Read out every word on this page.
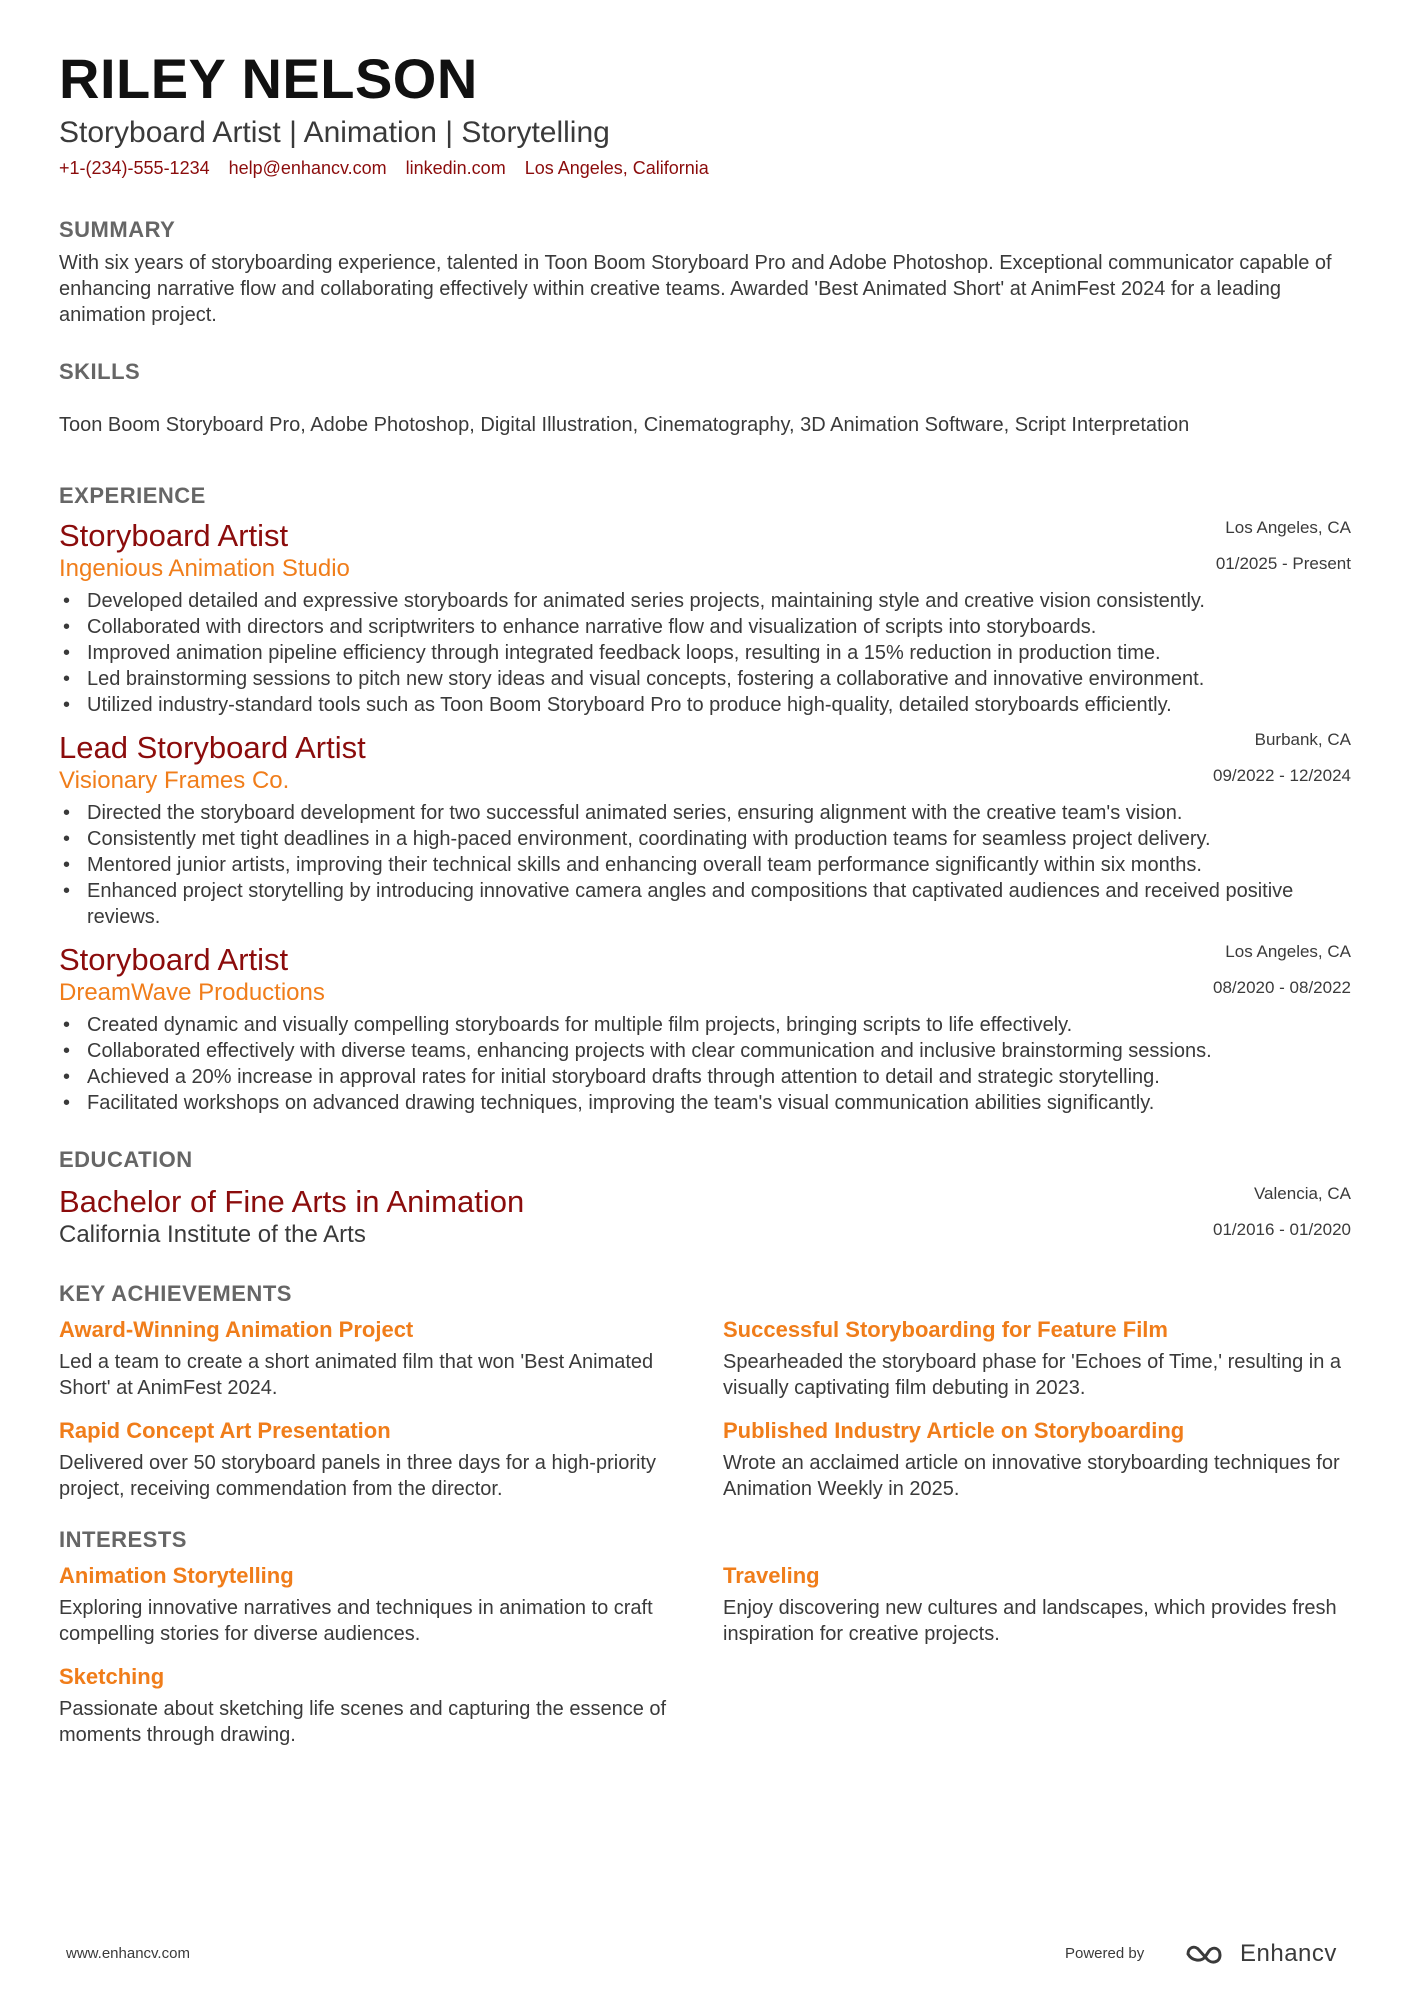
RILEY NELSON
Storyboard Artist | Animation | Storytelling
+1-(234)-555-1234 help@enhancv.com linkedin.com Los Angeles, California
SUMMARY
With six years of storyboarding experience, talented in Toon Boom Storyboard Pro and Adobe Photoshop. Exceptional communicator capable of enhancing narrative flow and collaborating effectively within creative teams. Awarded 'Best Animated Short' at AnimFest 2024 for a leading animation project.
SKILLS
Toon Boom Storyboard Pro, Adobe Photoshop, Digital Illustration, Cinematography, 3D Animation Software, Script Interpretation
EXPERIENCE
Storyboard Artist
Ingenious Animation Studio
Los Angeles, CA
01/2025 - Present
• Developed detailed and expressive storyboards for animated series projects, maintaining style and creative vision consistently.
• Collaborated with directors and scriptwriters to enhance narrative flow and visualization of scripts into storyboards.
• Improved animation pipeline efficiency through integrated feedback loops, resulting in a 15% reduction in production time.
• Led brainstorming sessions to pitch new story ideas and visual concepts, fostering a collaborative and innovative environment.
• Utilized industry-standard tools such as Toon Boom Storyboard Pro to produce high-quality, detailed storyboards efficiently.
Lead Storyboard Artist
Visionary Frames Co.
Burbank, CA
09/2022 - 12/2024
• Directed the storyboard development for two successful animated series, ensuring alignment with the creative team's vision.
• Consistently met tight deadlines in a high-paced environment, coordinating with production teams for seamless project delivery.
• Mentored junior artists, improving their technical skills and enhancing overall team performance significantly within six months.
• Enhanced project storytelling by introducing innovative camera angles and compositions that captivated audiences and received positive reviews.
Storyboard Artist
DreamWave Productions
Los Angeles, CA
08/2020 - 08/2022
• Created dynamic and visually compelling storyboards for multiple film projects, bringing scripts to life effectively.
• Collaborated effectively with diverse teams, enhancing projects with clear communication and inclusive brainstorming sessions.
• Achieved a 20% increase in approval rates for initial storyboard drafts through attention to detail and strategic storytelling.
• Facilitated workshops on advanced drawing techniques, improving the team's visual communication abilities significantly.
EDUCATION
Bachelor of Fine Arts in Animation
California Institute of the Arts
Valencia, CA
01/2016 - 01/2020
KEY ACHIEVEMENTS
Award-Winning Animation Project
Led a team to create a short animated film that won 'Best Animated Short' at AnimFest 2024.
Successful Storyboarding for Feature Film
Spearheaded the storyboard phase for 'Echoes of Time,' resulting in a visually captivating film debuting in 2023.
Rapid Concept Art Presentation
Delivered over 50 storyboard panels in three days for a high-priority project, receiving commendation from the director.
Published Industry Article on Storyboarding
Wrote an acclaimed article on innovative storyboarding techniques for Animation Weekly in 2025.
INTERESTS
Animation Storytelling
Exploring innovative narratives and techniques in animation to craft compelling stories for diverse audiences.
Traveling
Enjoy discovering new cultures and landscapes, which provides fresh inspiration for creative projects.
Sketching
Passionate about sketching life scenes and capturing the essence of moments through drawing.
www.enhancv.com	Powered by	Enhancv
